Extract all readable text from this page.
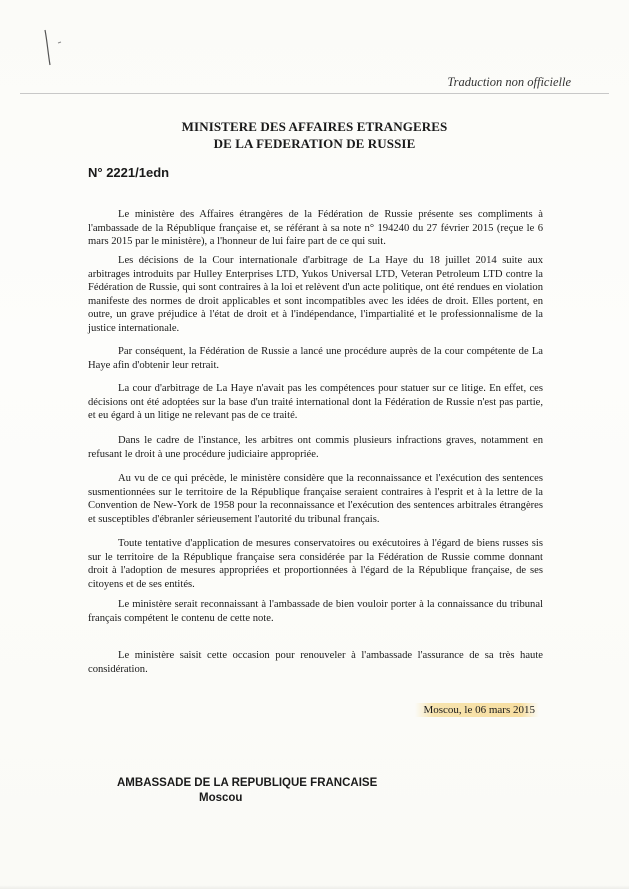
Traduction non officielle
MINISTERE DES AFFAIRES ETRANGERES
DE LA FEDERATION DE RUSSIE
N° 2221/1edn
Le ministère des Affaires étrangères de la Fédération de Russie présente ses compliments à l'ambassade de la République française et, se référant à sa note n° 194240 du 27 février 2015 (reçue le 6 mars 2015 par le ministère), a l'honneur de lui faire part de ce qui suit.
Les décisions de la Cour internationale d'arbitrage de La Haye du 18 juillet 2014 suite aux arbitrages introduits par Hulley Enterprises LTD, Yukos Universal LTD, Veteran Petroleum LTD contre la Fédération de Russie, qui sont contraires à la loi et relèvent d'un acte politique, ont été rendues en violation manifeste des normes de droit applicables et sont incompatibles avec les idées de droit. Elles portent, en outre, un grave préjudice à l'état de droit et à l'indépendance, l'impartialité et le professionnalisme de la justice internationale.
Par conséquent, la Fédération de Russie a lancé une procédure auprès de la cour compétente de La Haye afin d'obtenir leur retrait.
La cour d'arbitrage de La Haye n'avait pas les compétences pour statuer sur ce litige. En effet, ces décisions ont été adoptées sur la base d'un traité international dont la Fédération de Russie n'est pas partie, et eu égard à un litige ne relevant pas de ce traité.
Dans le cadre de l'instance, les arbitres ont commis plusieurs infractions graves, notamment en refusant le droit à une procédure judiciaire appropriée.
Au vu de ce qui précède, le ministère considère que la reconnaissance et l'exécution des sentences susmentionnées sur le territoire de la République française seraient contraires à l'esprit et à la lettre de la Convention de New-York de 1958 pour la reconnaissance et l'exécution des sentences arbitrales étrangères et susceptibles d'ébranler sérieusement l'autorité du tribunal français.
Toute tentative d'application de mesures conservatoires ou exécutoires à l'égard de biens russes sis sur le territoire de la République française sera considérée par la Fédération de Russie comme donnant droit à l'adoption de mesures appropriées et proportionnées à l'égard de la République française, de ses citoyens et de ses entités.
Le ministère serait reconnaissant à l'ambassade de bien vouloir porter à la connaissance du tribunal français compétent le contenu de cette note.
Le ministère saisit cette occasion pour renouveler à l'ambassade l'assurance de sa très haute considération.
Moscou, le 06 mars 2015
AMBASSADE DE LA REPUBLIQUE FRANCAISE
Moscou
